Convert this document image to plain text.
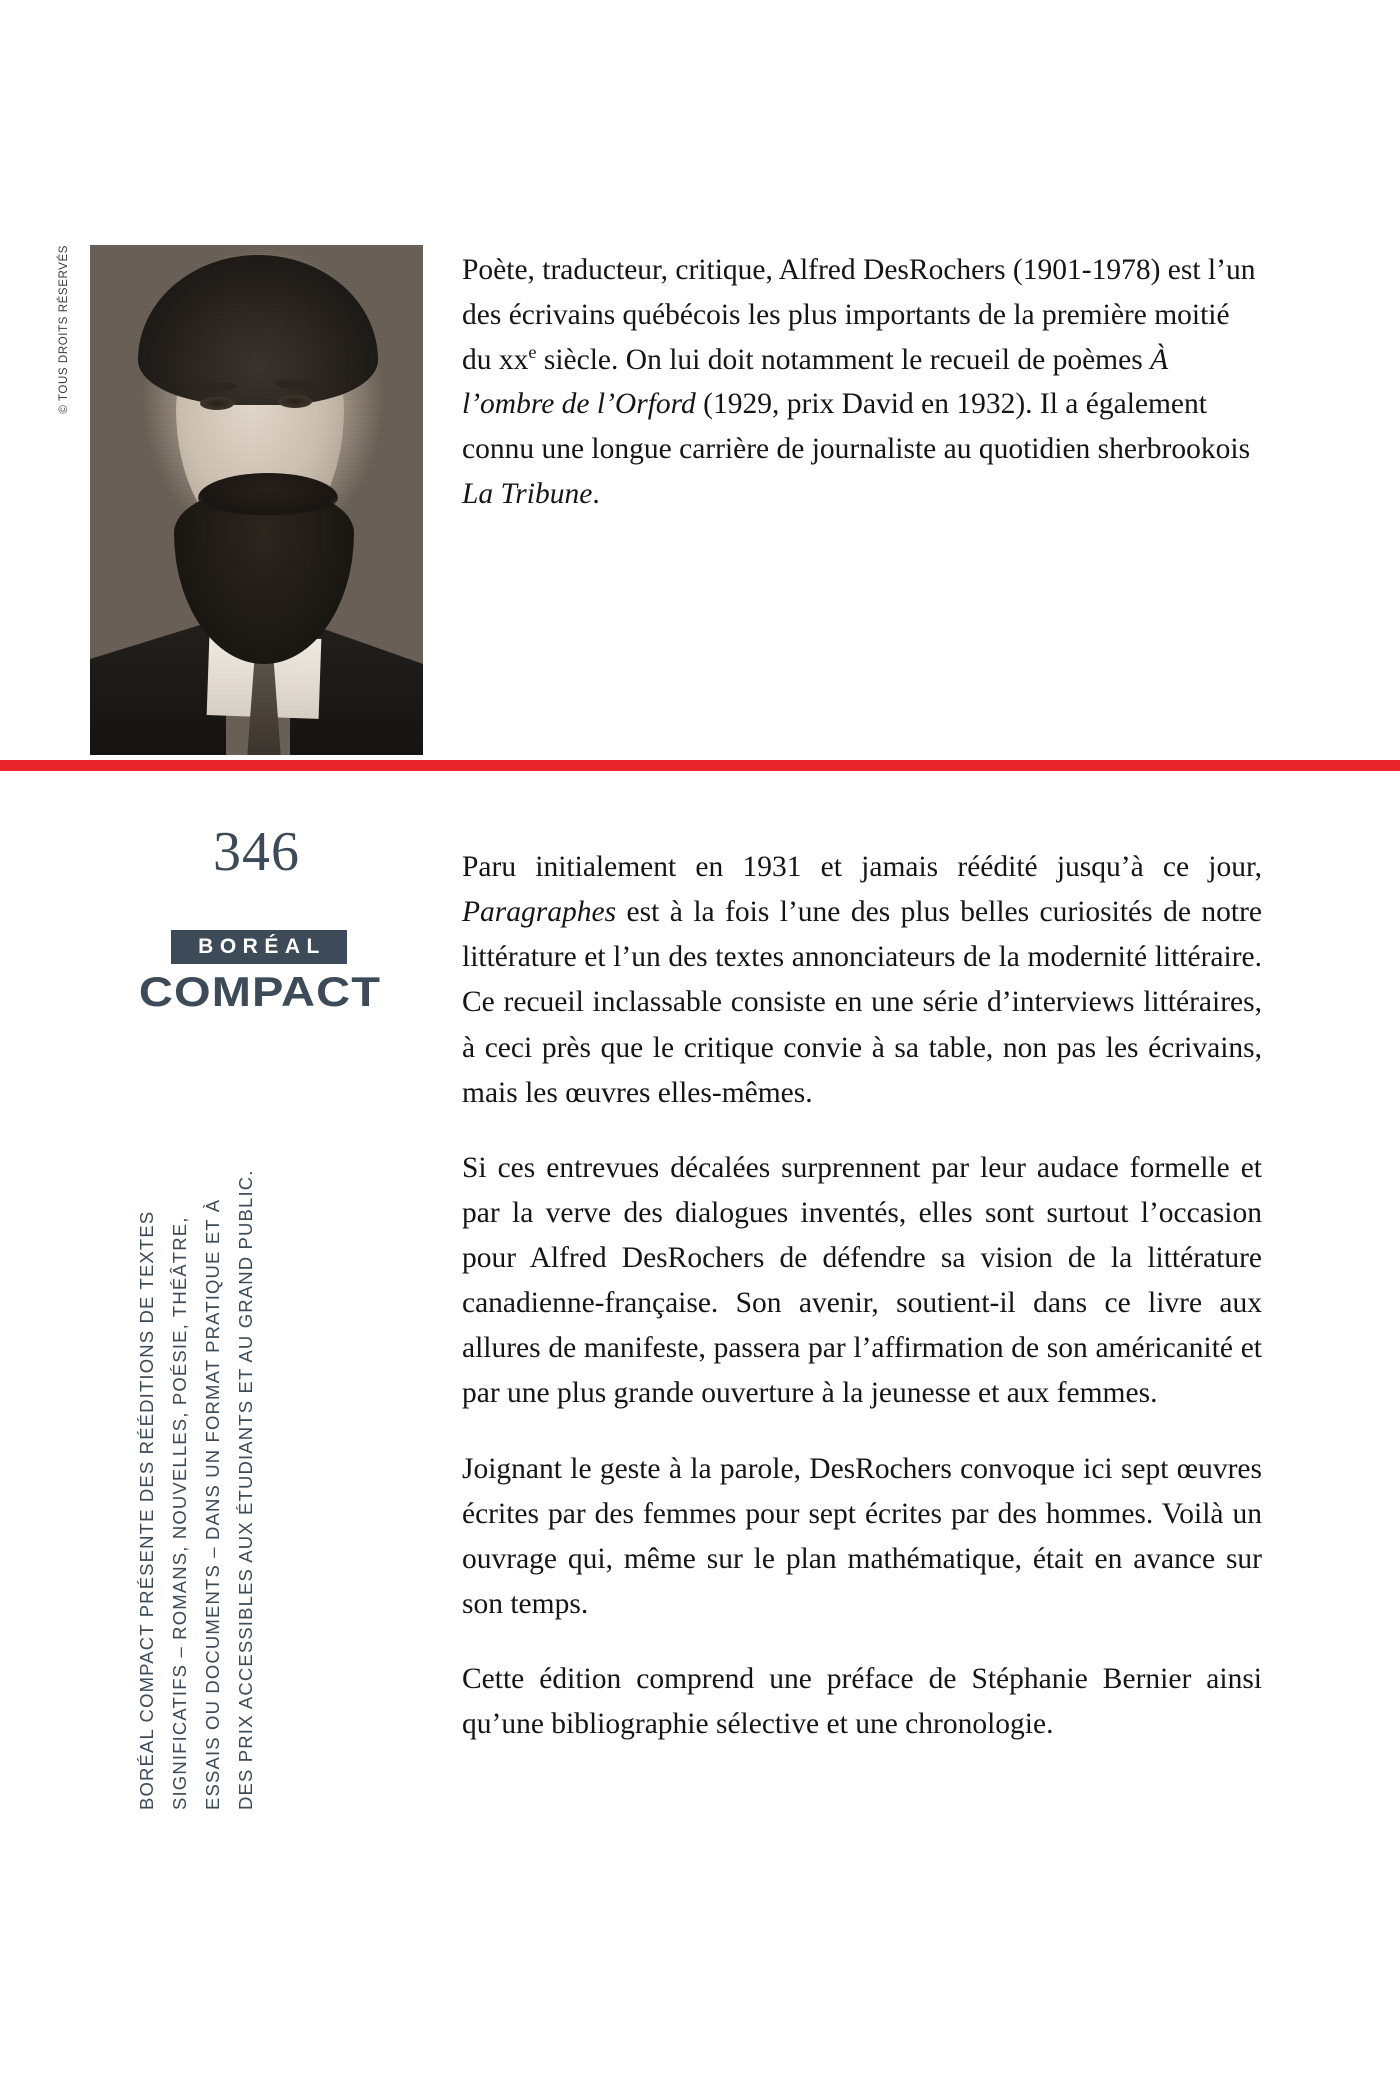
© TOUS DROITS RÉSERVÉS	Poète, traducteur, critique, Alfred DesRochers (1901-1978) est l’un des écrivains québécois les plus importants de la première moitié du $xx^e$ siècle. On lui doit notamment le recueil de poèmes À l’ombre de l’Orford (1929, prix David en 1932). Il a également connu une longue carrière de journaliste au quotidien sherbrookois La Tribune.
346
BORÉAL
COMPACT
BORÉAL COMPACT PRÉSENTE DES RÉÉDITIONS DE TEXTES SIGNIFICATIFS – ROMANS, NOUVELLES, POÉSIE, THÉÂTRE, ESSAIS OU DOCUMENTS – DANS UN FORMAT PRATIQUE ET À DES PRIX ACCESSIBLES AUX ÉTUDIANTS ET AU GRAND PUBLIC.

Paru initialement en 1931 et jamais réédité jusqu’à ce jour, Paragraphes est à la fois l’une des plus belles curiosités de notre littérature et l’un des textes annonciateurs de la modernité littéraire. Ce recueil inclassable consiste en une série d’interviews littéraires, à ceci près que le critique convie à sa table, non pas les écrivains, mais les œuvres elles-mêmes.

Si ces entrevues décalées surprennent par leur audace formelle et par la verve des dialogues inventés, elles sont surtout l’occasion pour Alfred DesRochers de défendre sa vision de la littérature canadienne-française. Son avenir, soutient-il dans ce livre aux allures de manifeste, passera par l’affirmation de son américanité et par une plus grande ouverture à la jeunesse et aux femmes.

Joignant le geste à la parole, DesRochers convoque ici sept œuvres écrites par des femmes pour sept écrites par des hommes. Voilà un ouvrage qui, même sur le plan mathématique, était en avance sur son temps.

Cette édition comprend une préface de Stéphanie Bernier ainsi qu’une bibliographie sélective et une chronologie.
